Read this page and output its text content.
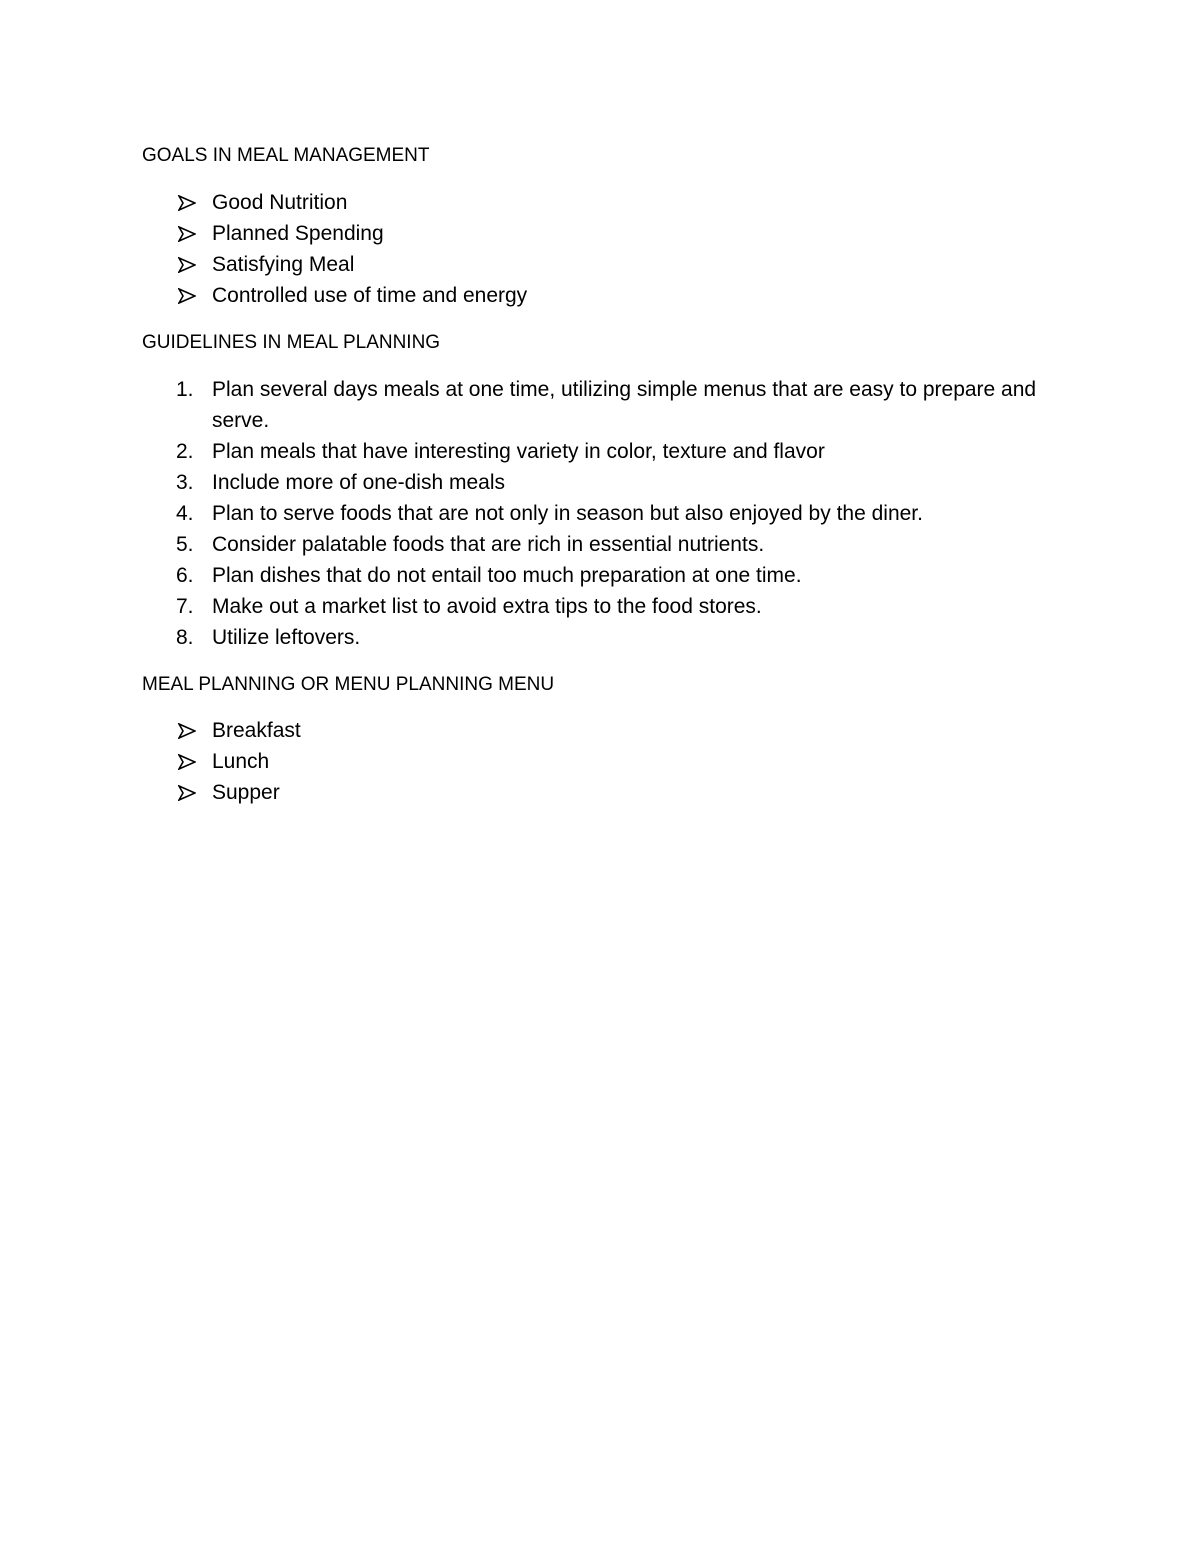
GOALS IN MEAL MANAGEMENT
Good Nutrition
Planned Spending
Satisfying Meal
Controlled use of time and energy
GUIDELINES IN MEAL PLANNING
1. Plan several days meals at one time, utilizing simple menus that are easy to prepare and
serve.
2. Plan meals that have interesting variety in color, texture and flavor
3. Include more of one-dish meals
4. Plan to serve foods that are not only in season but also enjoyed by the diner.
5. Consider palatable foods that are rich in essential nutrients.
6. Plan dishes that do not entail too much preparation at one time.
7. Make out a market list to avoid extra tips to the food stores.
8. Utilize leftovers.
MEAL PLANNING OR MENU PLANNING MENU
Breakfast
Lunch
Supper
